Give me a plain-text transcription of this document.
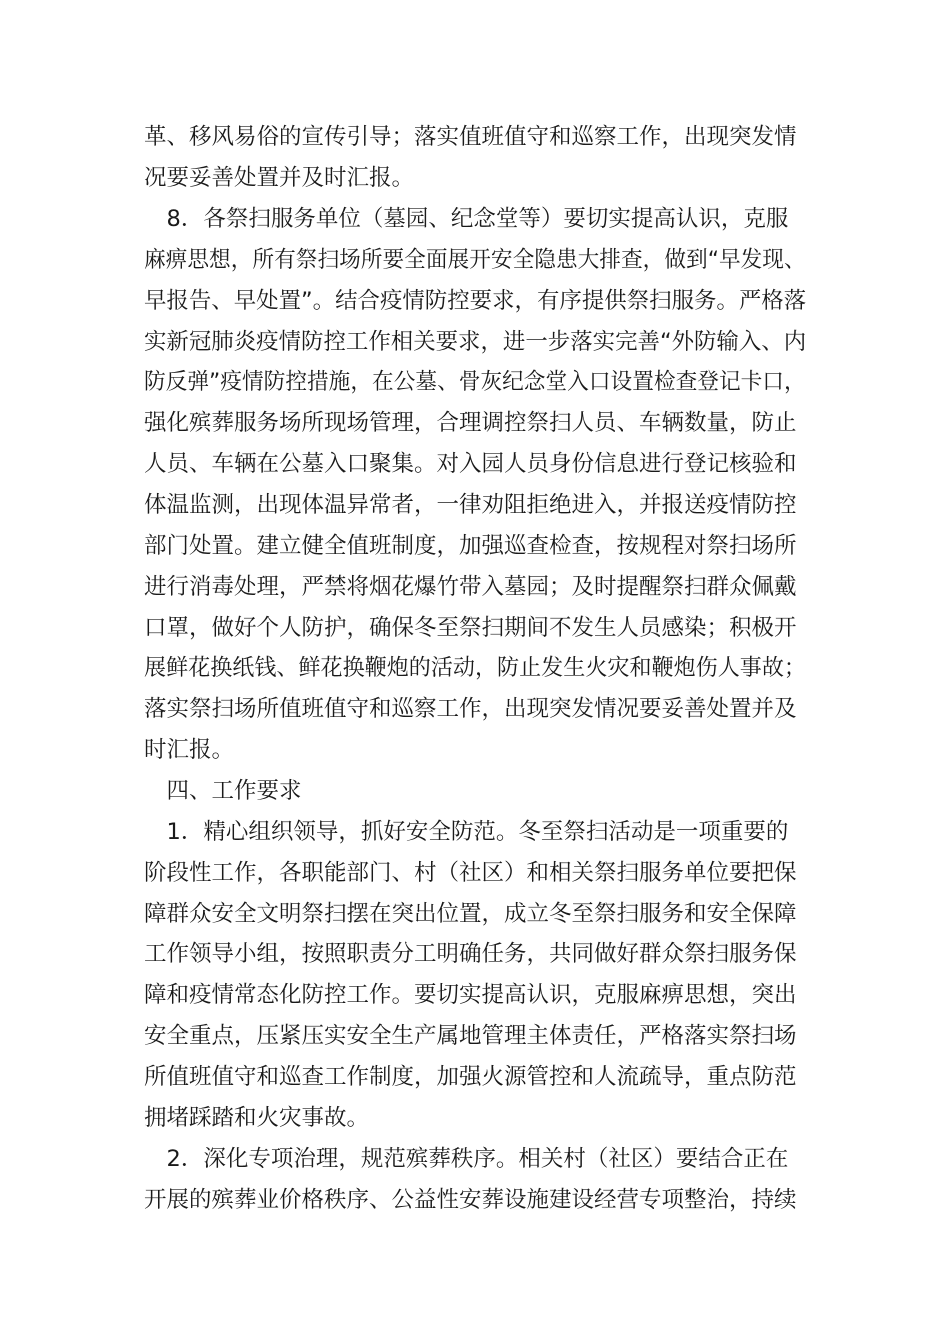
革、移风易俗的宣传引导；落实值班值守和巡察工作，出现突发情
况要妥善处置并及时汇报。
　8．各祭扫服务单位（墓园、纪念堂等）要切实提高认识，克服
麻痹思想，所有祭扫场所要全面展开安全隐患大排查，做到“早发现、
早报告、早处置”。结合疫情防控要求，有序提供祭扫服务。严格落
实新冠肺炎疫情防控工作相关要求，进一步落实完善“外防输入、内
防反弹”疫情防控措施，在公墓、骨灰纪念堂入口设置检查登记卡口，
强化殡葬服务场所现场管理，合理调控祭扫人员、车辆数量，防止
人员、车辆在公墓入口聚集。对入园人员身份信息进行登记核验和
体温监测，出现体温异常者，一律劝阻拒绝进入，并报送疫情防控
部门处置。建立健全值班制度，加强巡查检查，按规程对祭扫场所
进行消毒处理，严禁将烟花爆竹带入墓园；及时提醒祭扫群众佩戴
口罩，做好个人防护，确保冬至祭扫期间不发生人员感染；积极开
展鲜花换纸钱、鲜花换鞭炮的活动，防止发生火灾和鞭炮伤人事故；
落实祭扫场所值班值守和巡察工作，出现突发情况要妥善处置并及
时汇报。
　四、工作要求
　1．精心组织领导，抓好安全防范。冬至祭扫活动是一项重要的
阶段性工作，各职能部门、村（社区）和相关祭扫服务单位要把保
障群众安全文明祭扫摆在突出位置，成立冬至祭扫服务和安全保障
工作领导小组，按照职责分工明确任务，共同做好群众祭扫服务保
障和疫情常态化防控工作。要切实提高认识，克服麻痹思想，突出
安全重点，压紧压实安全生产属地管理主体责任，严格落实祭扫场
所值班值守和巡查工作制度，加强火源管控和人流疏导，重点防范
拥堵踩踏和火灾事故。
　2．深化专项治理，规范殡葬秩序。相关村（社区）要结合正在
开展的殡葬业价格秩序、公益性安葬设施建设经营专项整治，持续
